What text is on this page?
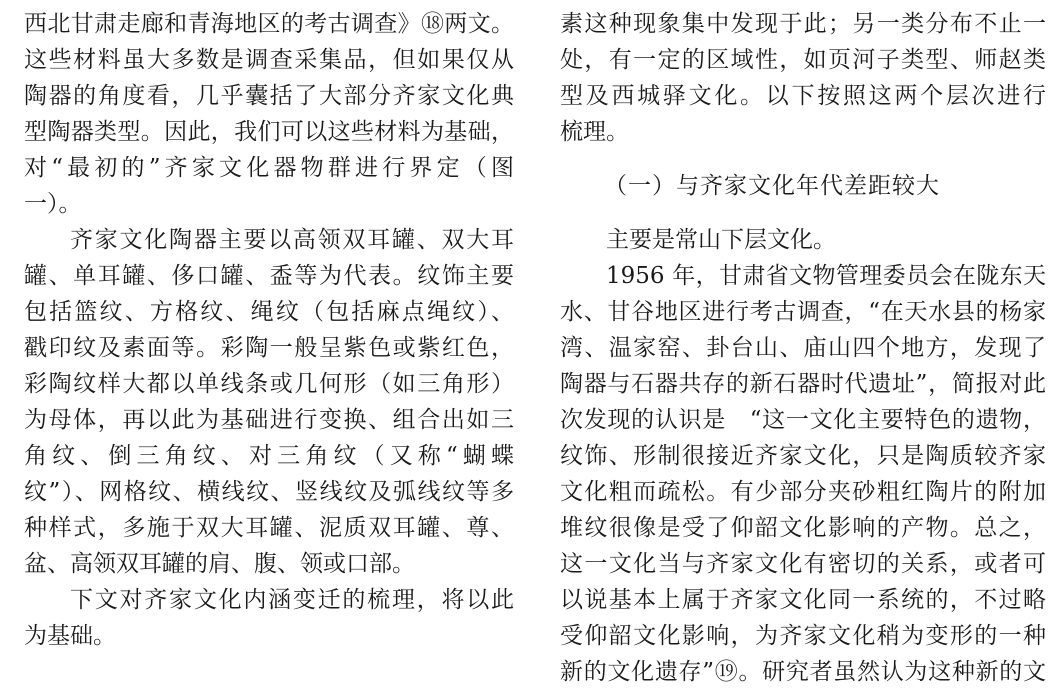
西北甘肃走廊和青海地区的考古调查》⑱两文。
这些材料虽大多数是调查采集品，但如果仅从
陶器的角度看，几乎囊括了大部分齐家文化典
型陶器类型。因此，我们可以这些材料为基础，
对“最初的”齐家文化器物群进行界定（图
一）。
齐家文化陶器主要以高领双耳罐、双大耳
罐、单耳罐、侈口罐、盉等为代表。纹饰主要
包括篮纹、方格纹、绳纹（包括麻点绳纹）、
戳印纹及素面等。彩陶一般呈紫色或紫红色，
彩陶纹样大都以单线条或几何形（如三角形）
为母体，再以此为基础进行变换、组合出如三
角纹、倒三角纹、对三角纹（又称“蝴蝶
纹”）、网格纹、横线纹、竖线纹及弧线纹等多
种样式，多施于双大耳罐、泥质双耳罐、尊、
盆、高领双耳罐的肩、腹、领或口部。
下文对齐家文化内涵变迁的梳理，将以此
为基础。
素这种现象集中发现于此；另一类分布不止一
处，有一定的区域性，如页河子类型、师赵类
型及西城驿文化。以下按照这两个层次进行
梳理。
（一）与齐家文化年代差距较大
主要是常山下层文化。
1956 年，甘肃省文物管理委员会在陇东天
水、甘谷地区进行考古调查，“在天水县的杨家
湾、温家窑、卦台山、庙山四个地方，发现了
陶器与石器共存的新石器时代遗址”，简报对此
次发现的认识是　“这一文化主要特色的遗物，
纹饰、形制很接近齐家文化，只是陶质较齐家
文化粗而疏松。有少部分夹砂粗红陶片的附加
堆纹很像是受了仰韶文化影响的产物。总之，
这一文化当与齐家文化有密切的关系，或者可
以说基本上属于齐家文化同一系统的，不过略
受仰韶文化影响，为齐家文化稍为变形的一种
新的文化遗存”⑲。研究者虽然认为这种新的文
